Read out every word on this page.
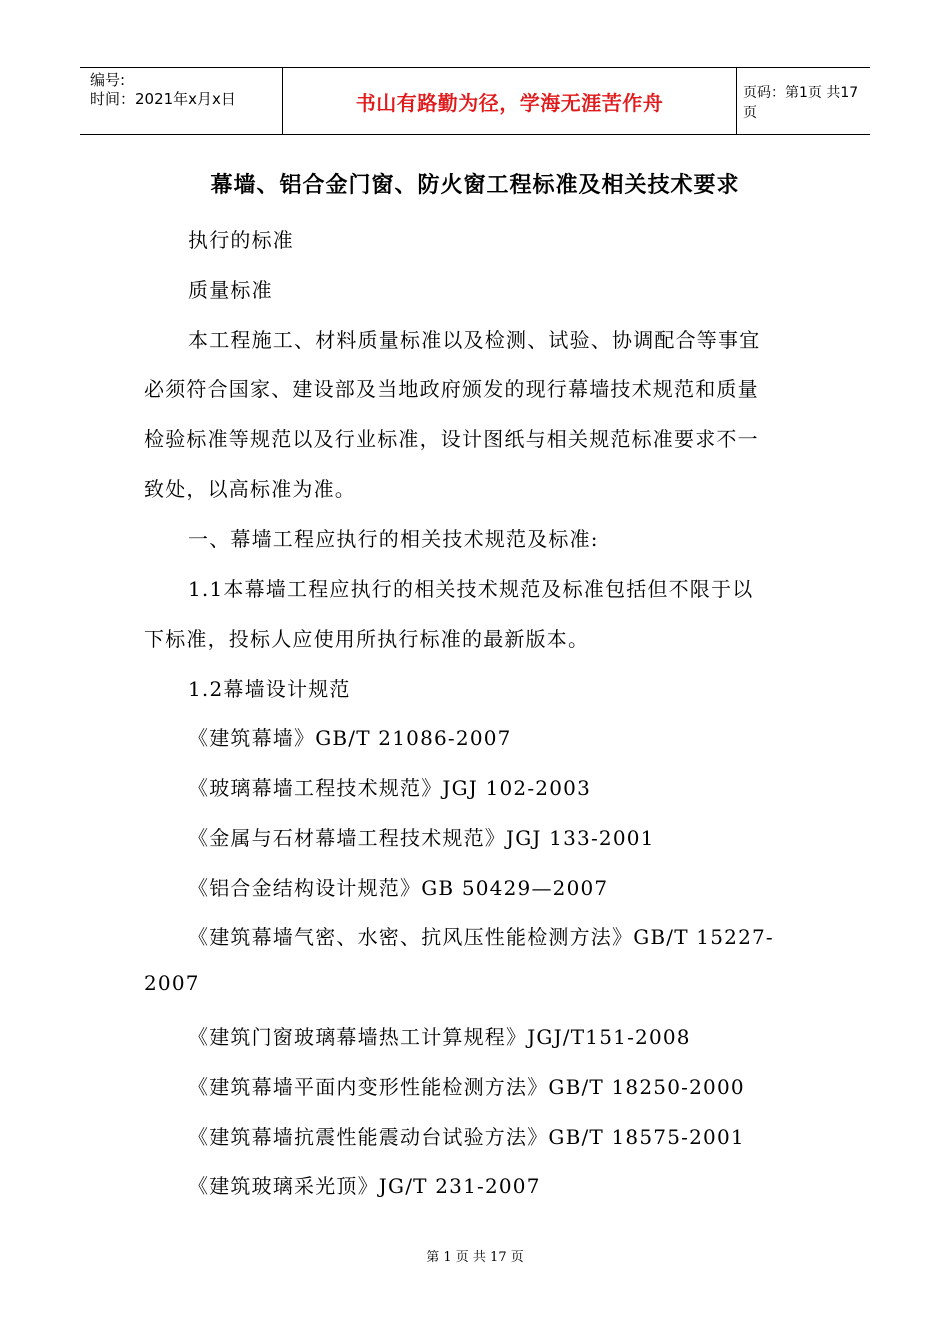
编号:
时间：2021年x月x日	书山有路勤为径，学海无涯苦作舟	页码：第1页 共17页
幕墙、铝合金门窗、防火窗工程标准及相关技术要求
执行的标准
质量标准
本工程施工、材料质量标准以及检测、试验、协调配合等事宜
必须符合国家、建设部及当地政府颁发的现行幕墙技术规范和质量
检验标准等规范以及行业标准，设计图纸与相关规范标准要求不一
致处，以高标准为准。
一、幕墙工程应执行的相关技术规范及标准:
1.1本幕墙工程应执行的相关技术规范及标准包括但不限于以
下标准，投标人应使用所执行标准的最新版本。
1.2幕墙设计规范
《建筑幕墙》GB/T 21086-2007
《玻璃幕墙工程技术规范》JGJ 102-2003
《金属与石材幕墙工程技术规范》JGJ 133-2001
《铝合金结构设计规范》GB 50429—2007
《建筑幕墙气密、水密、抗风压性能检测方法》GB/T 15227-
2007
《建筑门窗玻璃幕墙热工计算规程》JGJ/T151-2008
《建筑幕墙平面内变形性能检测方法》GB/T 18250-2000
《建筑幕墙抗震性能震动台试验方法》GB/T 18575-2001
《建筑玻璃采光顶》JG/T 231-2007
第 1 页 共 17 页
